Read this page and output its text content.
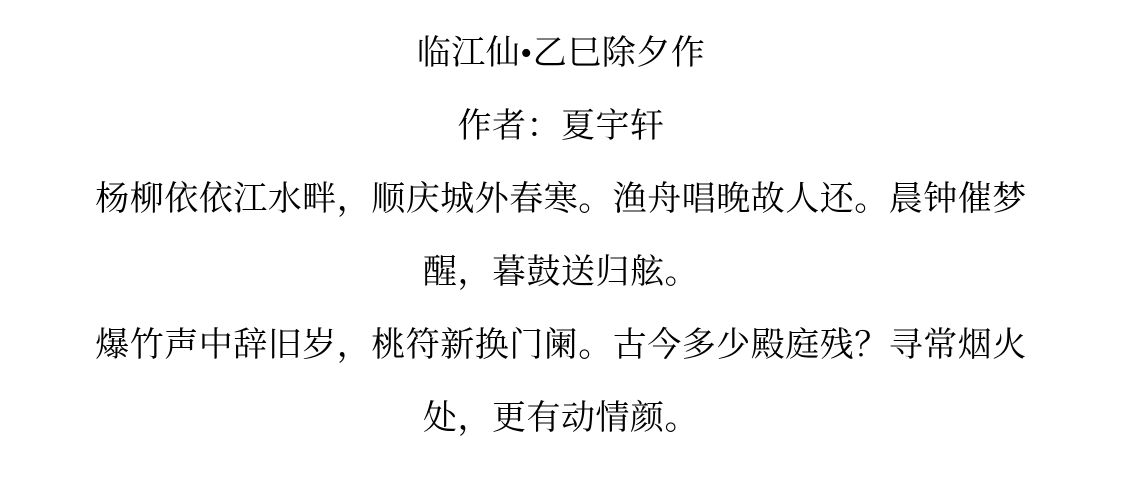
临江仙•乙巳除夕作
作者：夏宇轩

杨柳依依江水畔，顺庆城外春寒。渔舟唱晚故人还。晨钟催梦

醒，暮鼓送归舷。

爆竹声中辞旧岁，桃符新换门阑。古今多少殿庭残？寻常烟火

处，更有动情颜。
